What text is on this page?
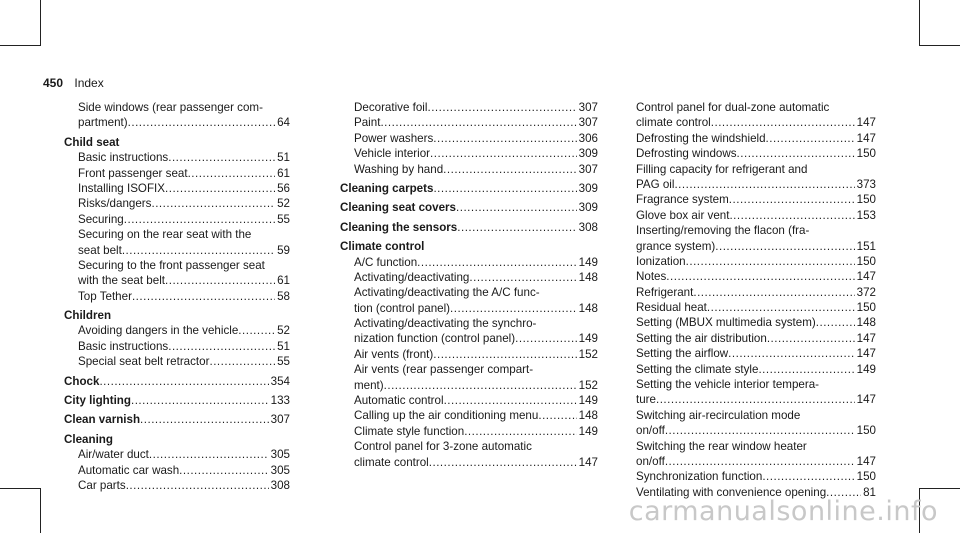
450 Index
Side windows (rear passenger com-
partment) .....	64
Child seat
Basic instructions .....	51
Front passenger seat .....	61
Installing ISOFIX .....	56
Risks/dangers .....	52
Securing .....	55
Securing on the rear seat with the
seat belt .....	59
Securing to the front passenger seat
with the seat belt .....	61
Top Tether .....	58
Children
Avoiding dangers in the vehicle .....	52
Basic instructions .....	51
Special seat belt retractor .....	55
Chock .....	354
City lighting .....	133
Clean varnish .....	307
Cleaning
Air/water duct .....	305
Automatic car wash .....	305
Car parts .....	308
Decorative foil .....	307
Paint .....	307
Power washers .....	306
Vehicle interior .....	309
Washing by hand .....	307
Cleaning carpets .....	309
Cleaning seat covers .....	309
Cleaning the sensors .....	308
Climate control
A/C function .....	149
Activating/deactivating .....	148
Activating/deactivating the A/C func-
tion (control panel) .....	148
Activating/deactivating the synchro-
nization function (control panel) .....	149
Air vents (front) .....	152
Air vents (rear passenger compart-
ment) .....	152
Automatic control .....	149
Calling up the air conditioning menu .....	148
Climate style function .....	149
Control panel for 3-zone automatic
climate control .....	147
Control panel for dual-zone automatic
climate control .....	147
Defrosting the windshield .....	147
Defrosting windows .....	150
Filling capacity for refrigerant and
PAG oil .....	373
Fragrance system .....	150
Glove box air vent .....	153
Inserting/removing the flacon (fra-
grance system) .....	151
Ionization .....	150
Notes .....	147
Refrigerant .....	372
Residual heat .....	150
Setting (MBUX multimedia system) .....	148
Setting the air distribution .....	147
Setting the airflow .....	147
Setting the climate style .....	149
Setting the vehicle interior tempera-
ture .....	147
Switching air-recirculation mode
on/off .....	150
Switching the rear window heater
on/off .....	147
Synchronization function .....	150
Ventilating with convenience opening .....	81
carmanualsonline.info
